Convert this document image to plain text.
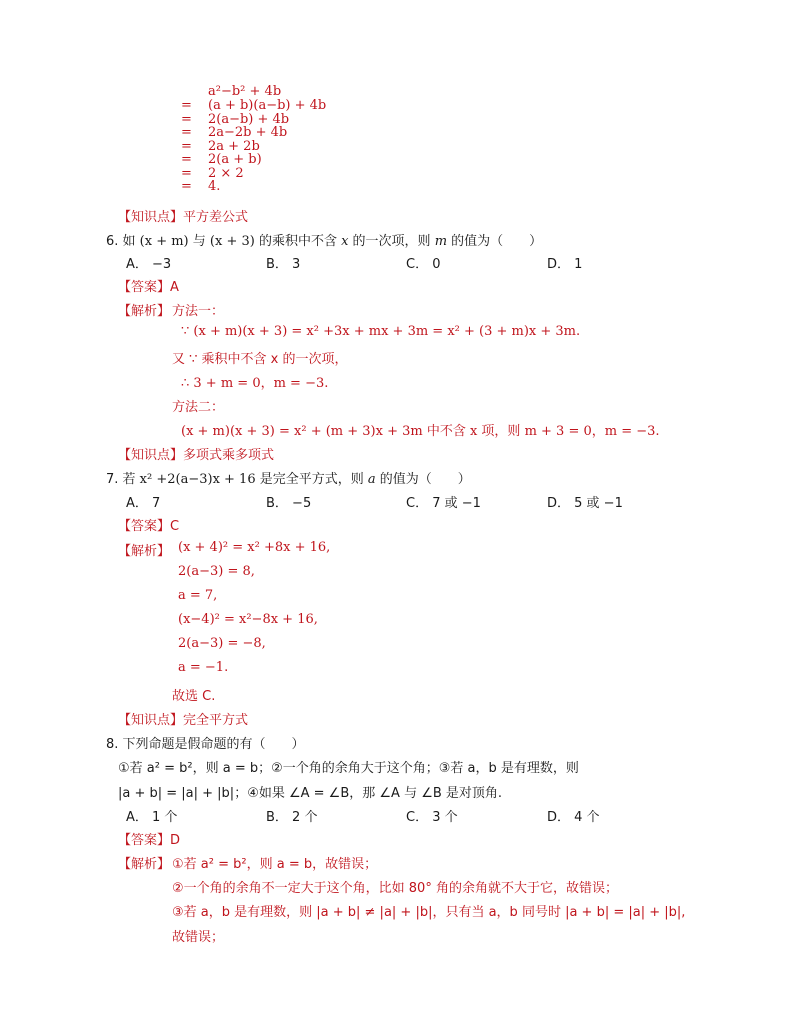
a²−b² + 4b
= (a + b)(a−b) + 4b
= 2(a−b) + 4b
= 2a−2b + 4b
= 2a + 2b
= 2(a + b)
= 2 × 2
= 4.
【知识点】平方差公式
6. 如 (x + m) 与 (x + 3) 的乘积中不含 x 的一次项，则 m 的值为（　　）
A． −3	B． 3	C． 0	D． 1
【答案】A
【解析】 方法一：
∵ (x + m)(x + 3) = x² +3x + mx + 3m = x² + (3 + m)x + 3m.
又 ∵ 乘积中不含 x 的一次项，
∴ 3 + m = 0，m = −3.
方法二：
(x + m)(x + 3) = x² + (m + 3)x + 3m 中不含 x 项，则 m + 3 = 0，m = −3.
【知识点】多项式乘多项式
7. 若 x² +2(a−3)x + 16 是完全平方式，则 a 的值为（　　）
A． 7	B． −5	C． 7 或 −1	D． 5 或 −1
【答案】C
【解析】 (x + 4)² = x² +8x + 16,
2(a−3) = 8,
a = 7,
(x−4)² = x²−8x + 16,
2(a−3) = −8,
a = −1.
故选 C.
【知识点】完全平方式
8. 下列命题是假命题的有（　　）
①若 a² = b²，则 a = b；②一个角的余角大于这个角；③若 a，b 是有理数，则
|a + b| = |a| + |b|；④如果 ∠A = ∠B，那 ∠A 与 ∠B 是对顶角.
A． 1 个	B． 2 个	C． 3 个	D． 4 个
【答案】D
【解析】 ①若 a² = b²，则 a = b，故错误；
②一个角的余角不一定大于这个角，比如 80° 角的余角就不大于它，故错误；
③若 a，b 是有理数，则 |a + b| ≠ |a| + |b|，只有当 a，b 同号时 |a + b| = |a| + |b|,
故错误；
